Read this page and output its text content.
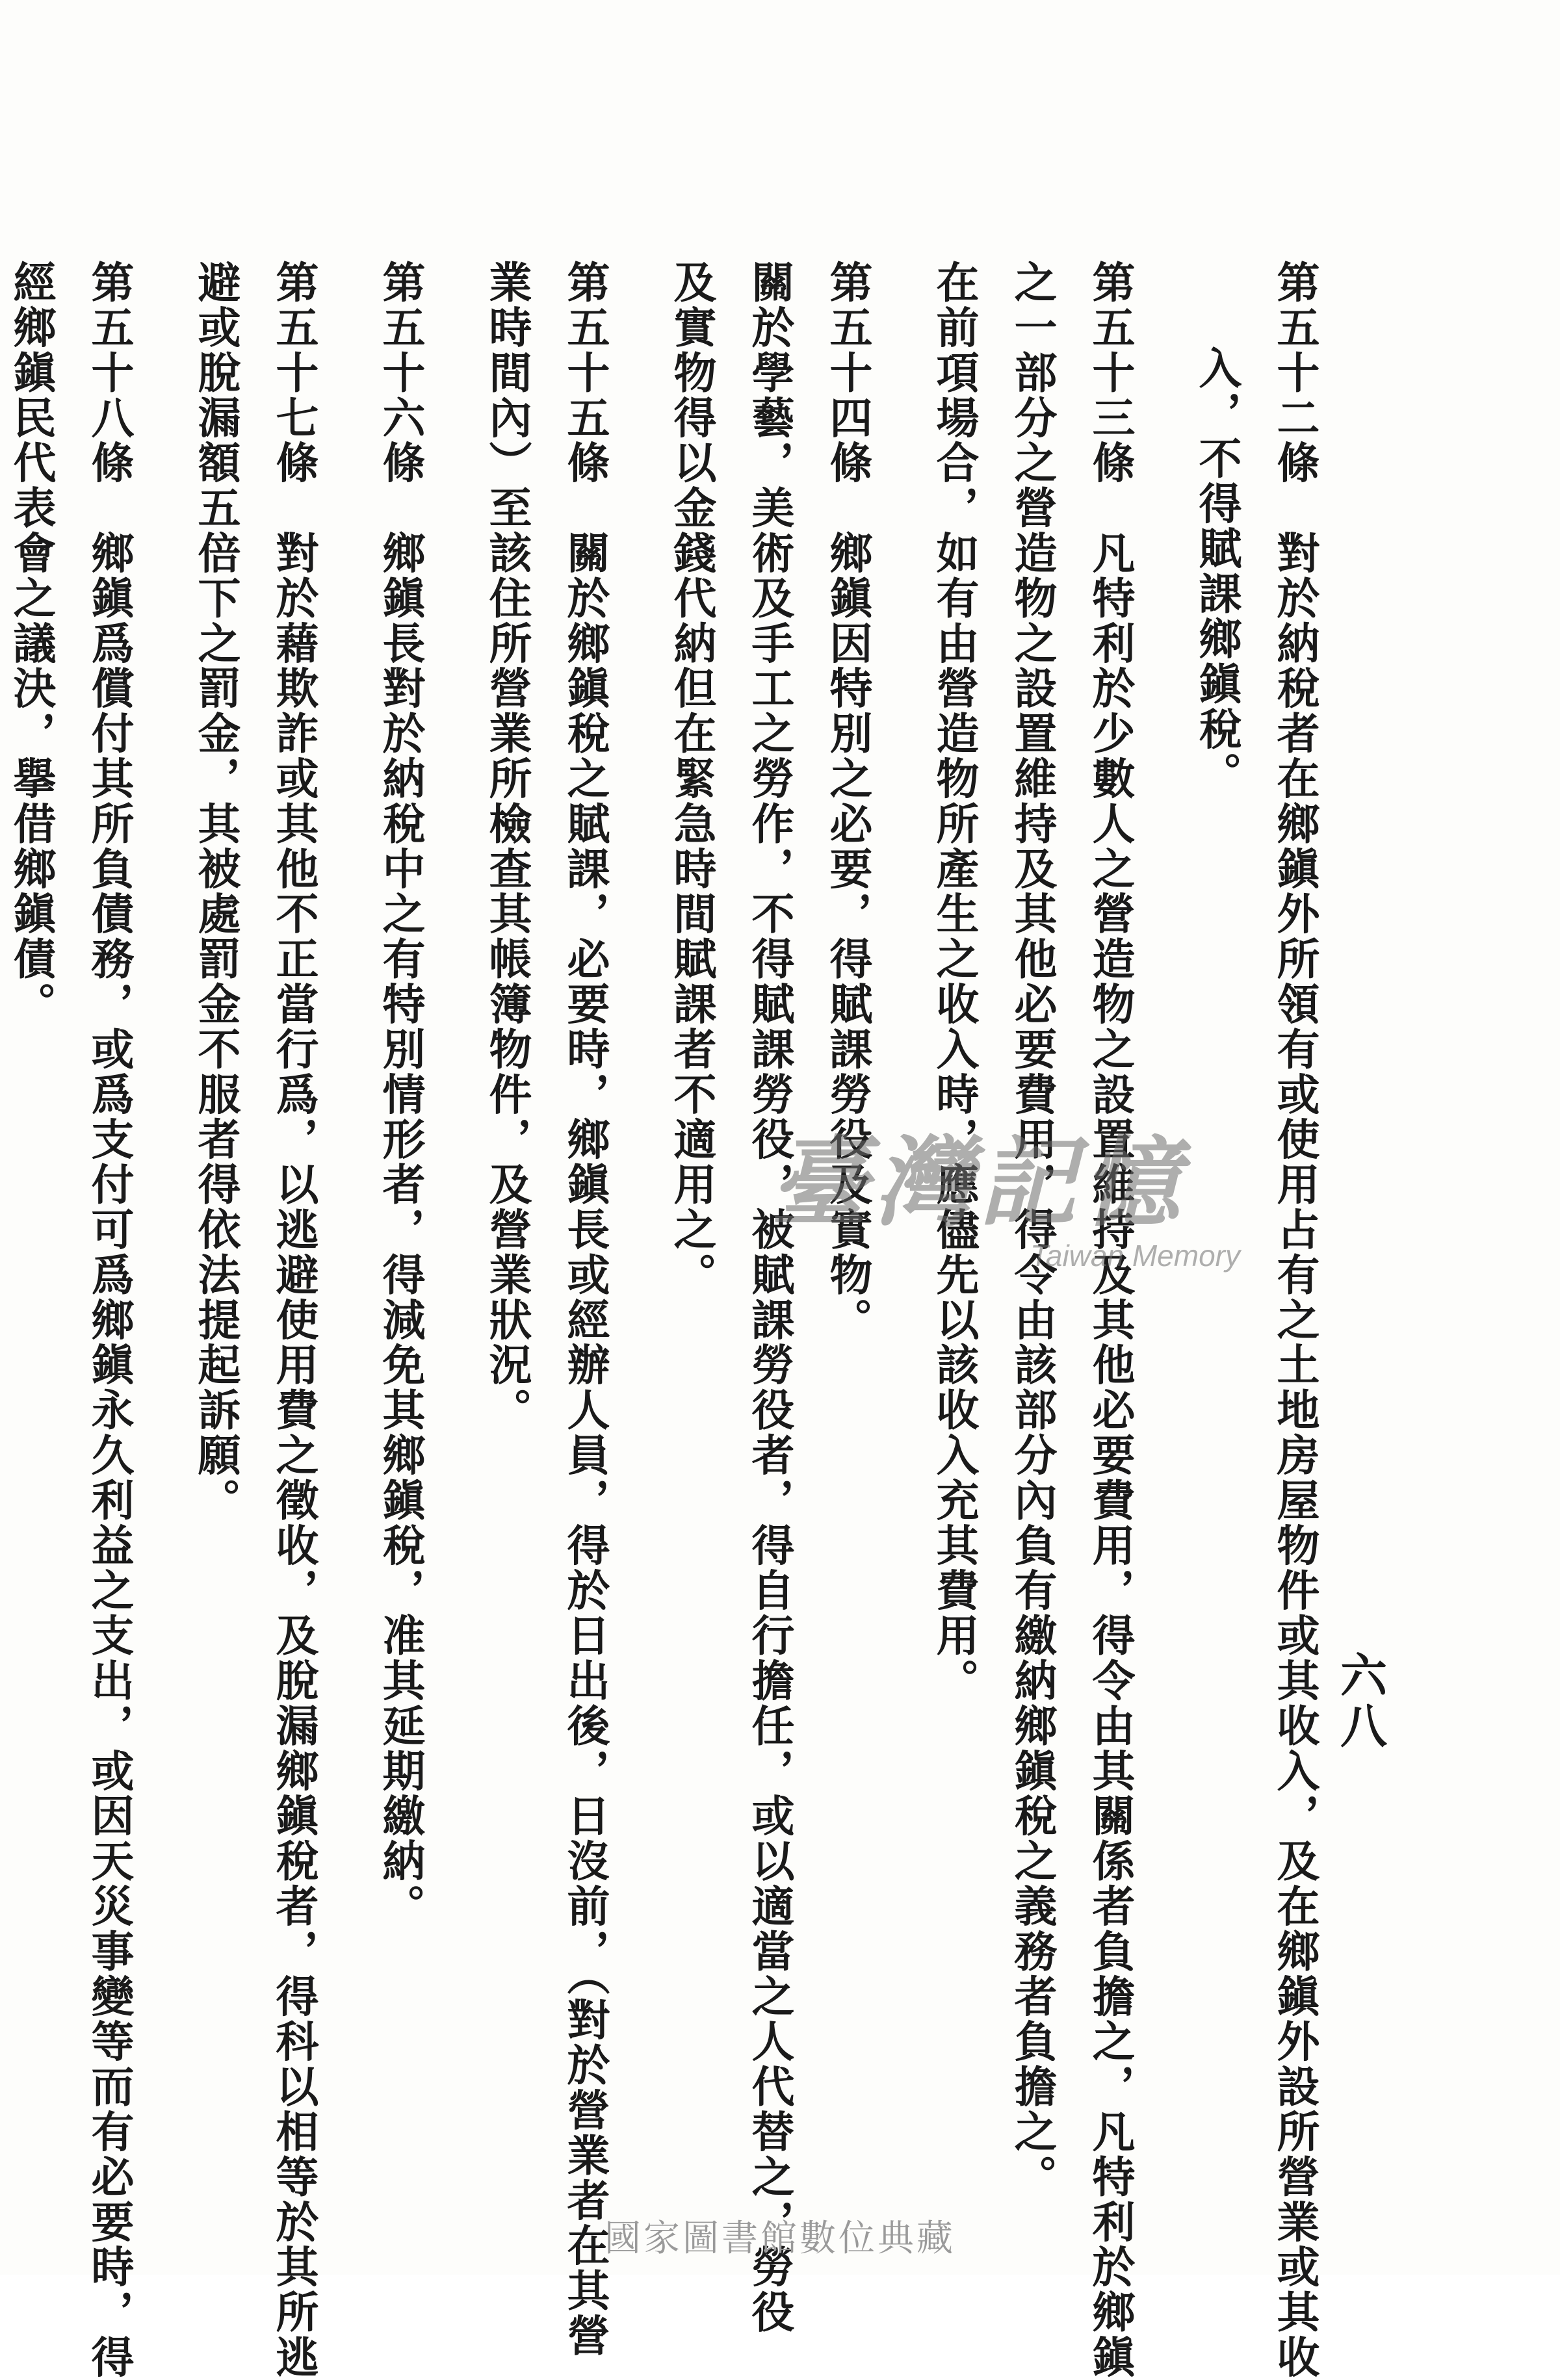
六八
第五十二條　對於納稅者在鄉鎭外所領有或使用占有之土地房屋物件或其收入，及在鄉鎭外設所營業或其收
入，不得賦課鄉鎭稅。
第五十三條　凡特利於少數人之營造物之設置維持及其他必要費用，得令由其關係者負擔之，凡特利於鄉鎭
之一部分之營造物之設置維持及其他必要費用，得令由該部分內負有繳納鄉鎭稅之義務者負擔之。
在前項場合，如有由營造物所產生之收入時，應儘先以該收入充其費用。
第五十四條　鄉鎭因特別之必要，得賦課勞役及實物。
關於學藝，美術及手工之勞作，不得賦課勞役，被賦課勞役者，得自行擔任，或以適當之人代替之，勞役
及實物得以金錢代納但在緊急時間賦課者不適用之。
第五十五條　關於鄉鎭稅之賦課，必要時，鄉鎭長或經辦人員，得於日出後，日沒前，（對於營業者在其營
業時間內）至該住所營業所檢查其帳簿物件，及營業狀況。
第五十六條　鄉鎭長對於納稅中之有特別情形者，得減免其鄉鎭稅，准其延期繳納。
第五十七條　對於藉欺詐或其他不正當行爲，以逃避使用費之徵收，及脫漏鄉鎭稅者，得科以相等於其所逃
避或脫漏額五倍下之罰金，其被處罰金不服者得依法提起訴願。
第五十八條　鄉鎭爲償付其所負債務，或爲支付可爲鄉鎭永久利益之支出，或因天災事變等而有必要時，得
經鄉鎭民代表會之議決，擧借鄉鎭債。
臺灣記憶
Taiwan Memory
國家圖書館數位典藏
